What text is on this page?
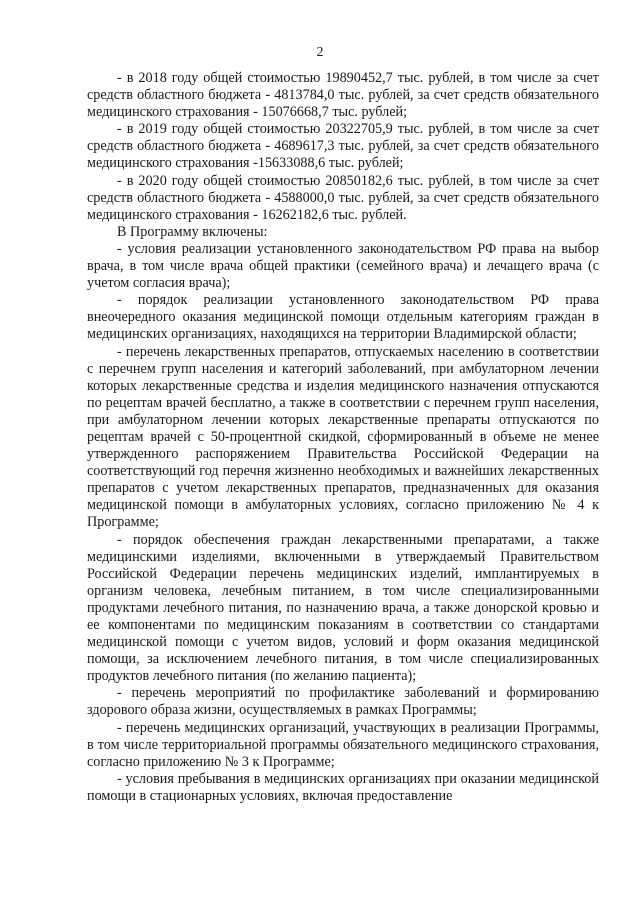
2

- в 2018 году общей стоимостью 19890452,7 тыс. рублей, в том числе за счет средств областного бюджета - 4813784,0 тыс. рублей, за счет средств обязательного медицинского страхования - 15076668,7 тыс. рублей;

- в 2019 году общей стоимостью 20322705,9 тыс. рублей, в том числе за счет средств областного бюджета - 4689617,3 тыс. рублей, за счет средств обязательного медицинского страхования -15633088,6 тыс. рублей;

- в 2020 году общей стоимостью 20850182,6 тыс. рублей, в том числе за счет средств областного бюджета - 4588000,0 тыс. рублей, за счет средств обязательного медицинского страхования - 16262182,6 тыс. рублей.

В Программу включены:

- условия реализации установленного законодательством РФ права на выбор врача, в том числе врача общей практики (семейного врача) и лечащего врача (с учетом согласия врача);

- порядок реализации установленного законодательством РФ права внеочередного оказания медицинской помощи отдельным категориям граждан в медицинских организациях, находящихся на территории Владимирской области;

- перечень лекарственных препаратов, отпускаемых населению в соответствии с перечнем групп населения и категорий заболеваний, при амбулаторном лечении которых лекарственные средства и изделия медицинского назначения отпускаются по рецептам врачей бесплатно, а также в соответствии с перечнем групп населения, при амбулаторном лечении которых лекарственные препараты отпускаются по рецептам врачей с 50-процентной скидкой, сформированный в объеме не менее утвержденного распоряжением Правительства Российской Федерации на соответствующий год перечня жизненно необходимых и важнейших лекарственных препаратов с учетом лекарственных препаратов, предназначенных для оказания медицинской помощи в амбулаторных условиях, согласно приложению № 4 к Программе;

- порядок обеспечения граждан лекарственными препаратами, а также медицинскими изделиями, включенными в утверждаемый Правительством Российской Федерации перечень медицинских изделий, имплантируемых в организм человека, лечебным питанием, в том числе специализированными продуктами лечебного питания, по назначению врача, а также донорской кровью и ее компонентами по медицинским показаниям в соответствии со стандартами медицинской помощи с учетом видов, условий и форм оказания медицинской помощи, за исключением лечебного питания, в том числе специализированных продуктов лечебного питания (по желанию пациента);

- перечень мероприятий по профилактике заболеваний и формированию здорового образа жизни, осуществляемых в рамках Программы;

- перечень медицинских организаций, участвующих в реализации Программы, в том числе территориальной программы обязательного медицинского страхования, согласно приложению № 3 к Программе;

- условия пребывания в медицинских организациях при оказании медицинской помощи в стационарных условиях, включая предоставление
